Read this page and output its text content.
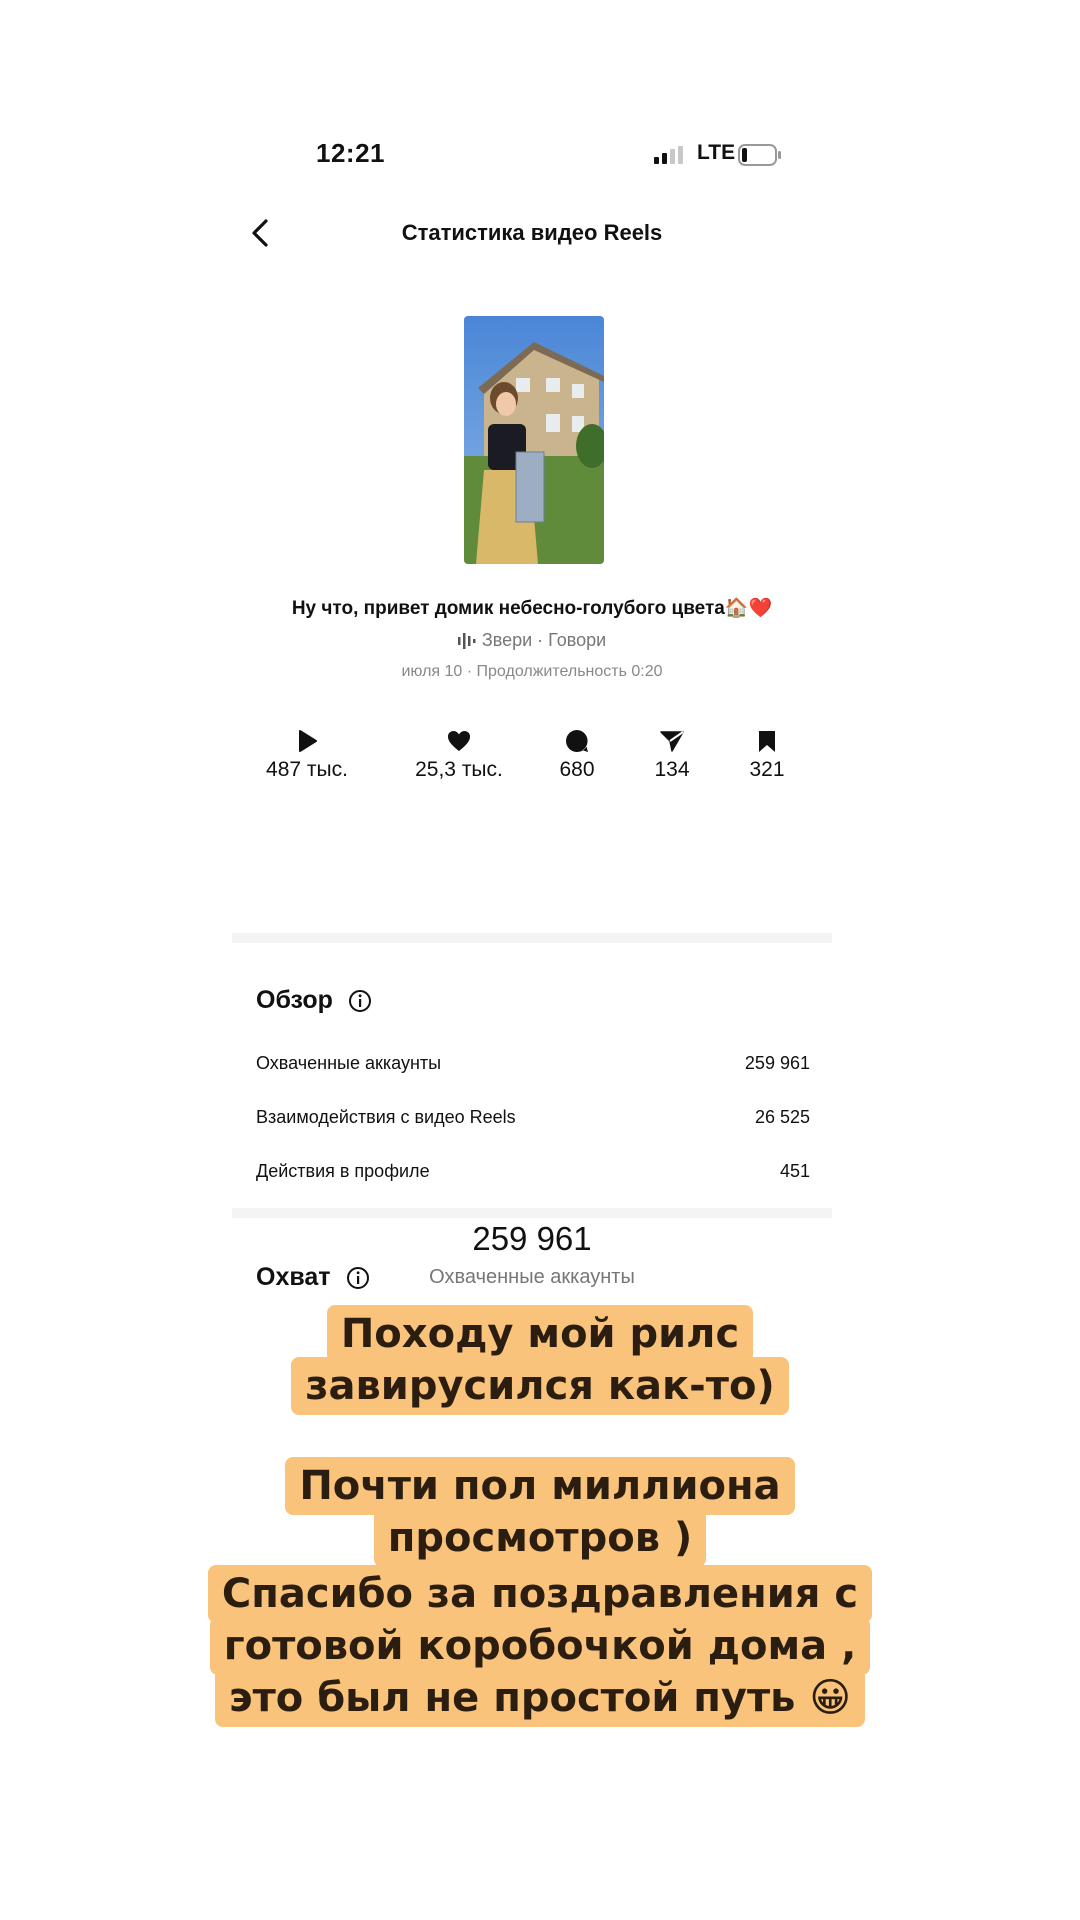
12:21	LTE
Статистика видео Reels
Ну что, привет домик небесно-голубого цвета🏠❤️
Звери · Говори
июля 10 · Продолжительность 0:20
487 тыс.	25,3 тыс.	680	134	321
Обзор
Охваченные аккаунты	259 961
Взаимодействия с видео Reels	26 525
Действия в профиле	451
Охват
259 961
Охваченные аккаунты
Походу мой рилс завирусился как-то)
Почти пол миллиона просмотров )
Спасибо за поздравления с готовой коробочкой дома , это был не простой путь 😀
